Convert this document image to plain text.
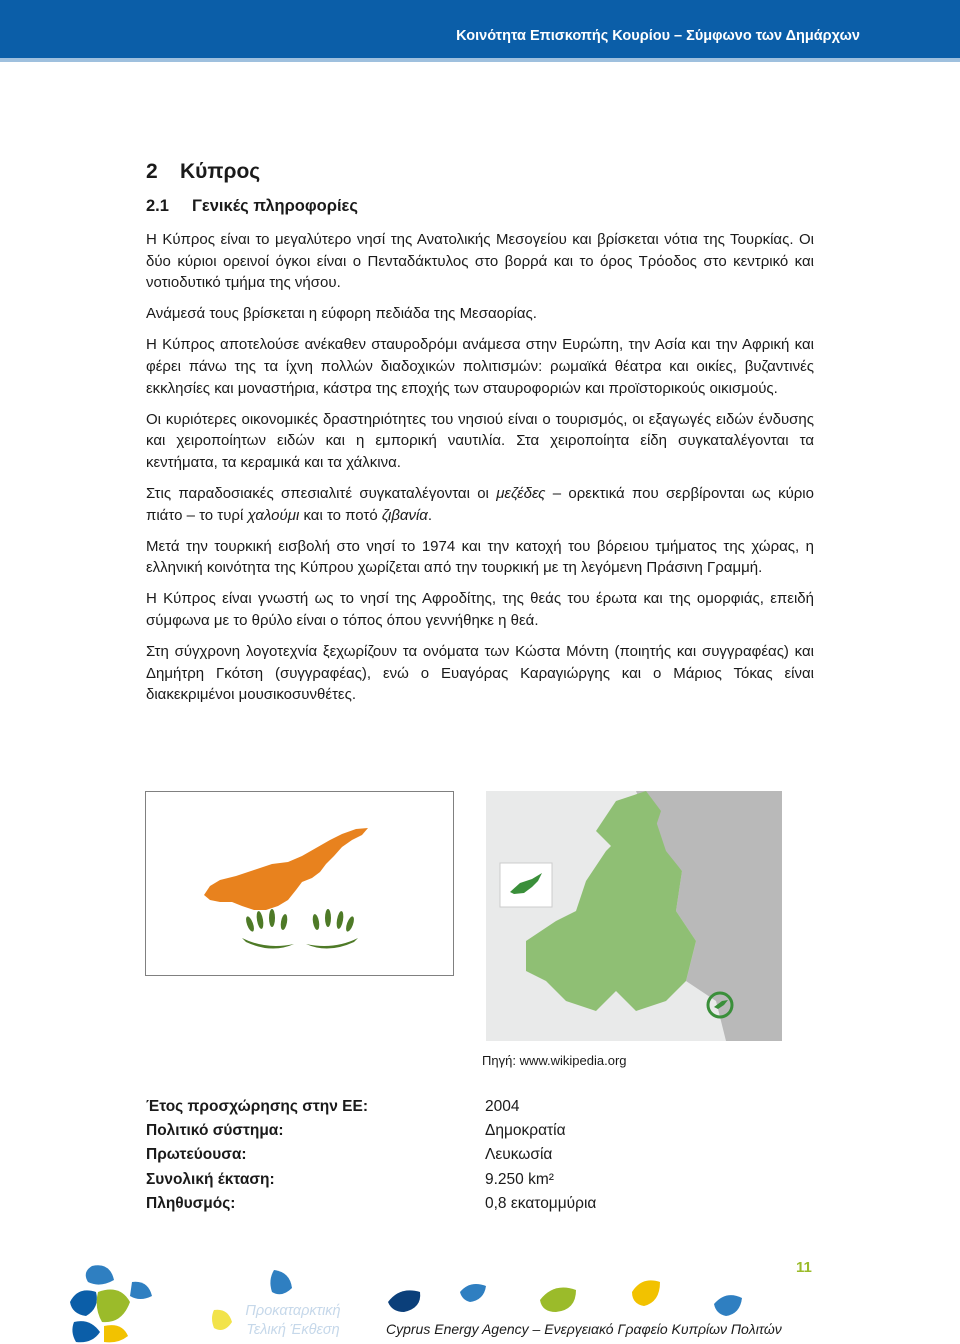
Κοινότητα Επισκοπής Κουρίου – Σύμφωνο των Δημάρχων
2 Κύπρος
2.1 Γενικές πληροφορίες

Η Κύπρος είναι το μεγαλύτερο νησί της Ανατολικής Μεσογείου και βρίσκεται νότια της Τουρκίας. Οι δύο κύριοι ορεινοί όγκοι είναι ο Πενταδάκτυλος στο βορρά και το όρος Τρόοδος στο κεντρικό και νοτιοδυτικό τμήμα της νήσου.

Ανάμεσά τους βρίσκεται η εύφορη πεδιάδα της Μεσαορίας.

Η Κύπρος αποτελούσε ανέκαθεν σταυροδρόμι ανάμεσα στην Ευρώπη, την Ασία και την Αφρική και φέρει πάνω της τα ίχνη πολλών διαδοχικών πολιτισμών: ρωμαϊκά θέατρα και οικίες, βυζαντινές εκκλησίες και μοναστήρια, κάστρα της εποχής των σταυροφοριών και προϊστορικούς οικισμούς.

Οι κυριότερες οικονομικές δραστηριότητες του νησιού είναι ο τουρισμός, οι εξαγωγές ειδών ένδυσης και χειροποίητων ειδών και η εμπορική ναυτιλία. Στα χειροποίητα είδη συγκαταλέγονται τα κεντήματα, τα κεραμικά και τα χάλκινα.

Στις παραδοσιακές σπεσιαλιτέ συγκαταλέγονται οι μεζέδες – ορεκτικά που σερβίρονται ως κύριο πιάτο – το τυρί χαλούμι και το ποτό ζιβανία.

Μετά την τουρκική εισβολή στο νησί το 1974 και την κατοχή του βόρειου τμήματος της χώρας, η ελληνική κοινότητα της Κύπρου χωρίζεται από την τουρκική με τη λεγόμενη Πράσινη Γραμμή.

Η Κύπρος είναι γνωστή ως το νησί της Αφροδίτης, της θεάς του έρωτα και της ομορφιάς, επειδή σύμφωνα με το θρύλο είναι ο τόπος όπου γεννήθηκε η θεά.

Στη σύγχρονη λογοτεχνία ξεχωρίζουν τα ονόματα των Κώστα Μόντη (ποιητής και συγγραφέας) και Δημήτρη Γκότση (συγγραφέας), ενώ ο Ευαγόρας Καραγιώργης και ο Μάριος Τόκας είναι διακεκριμένοι μουσικοσυνθέτες.

Πηγή: www.wikipedia.org
Έτος προσχώρησης στην ΕΕ:	2004
Πολιτικό σύστημα:	Δημοκρατία
Πρωτεύουσα:	Λευκωσία
Συνολική έκταση:	9.250 km²
Πληθυσμός:	0,8 εκατομμύρια
11
Προκαταρκτική
Τελική Έκθεση	Cyprus Energy Agency – Ενεργειακό Γραφείο Κυπρίων Πολιτών
